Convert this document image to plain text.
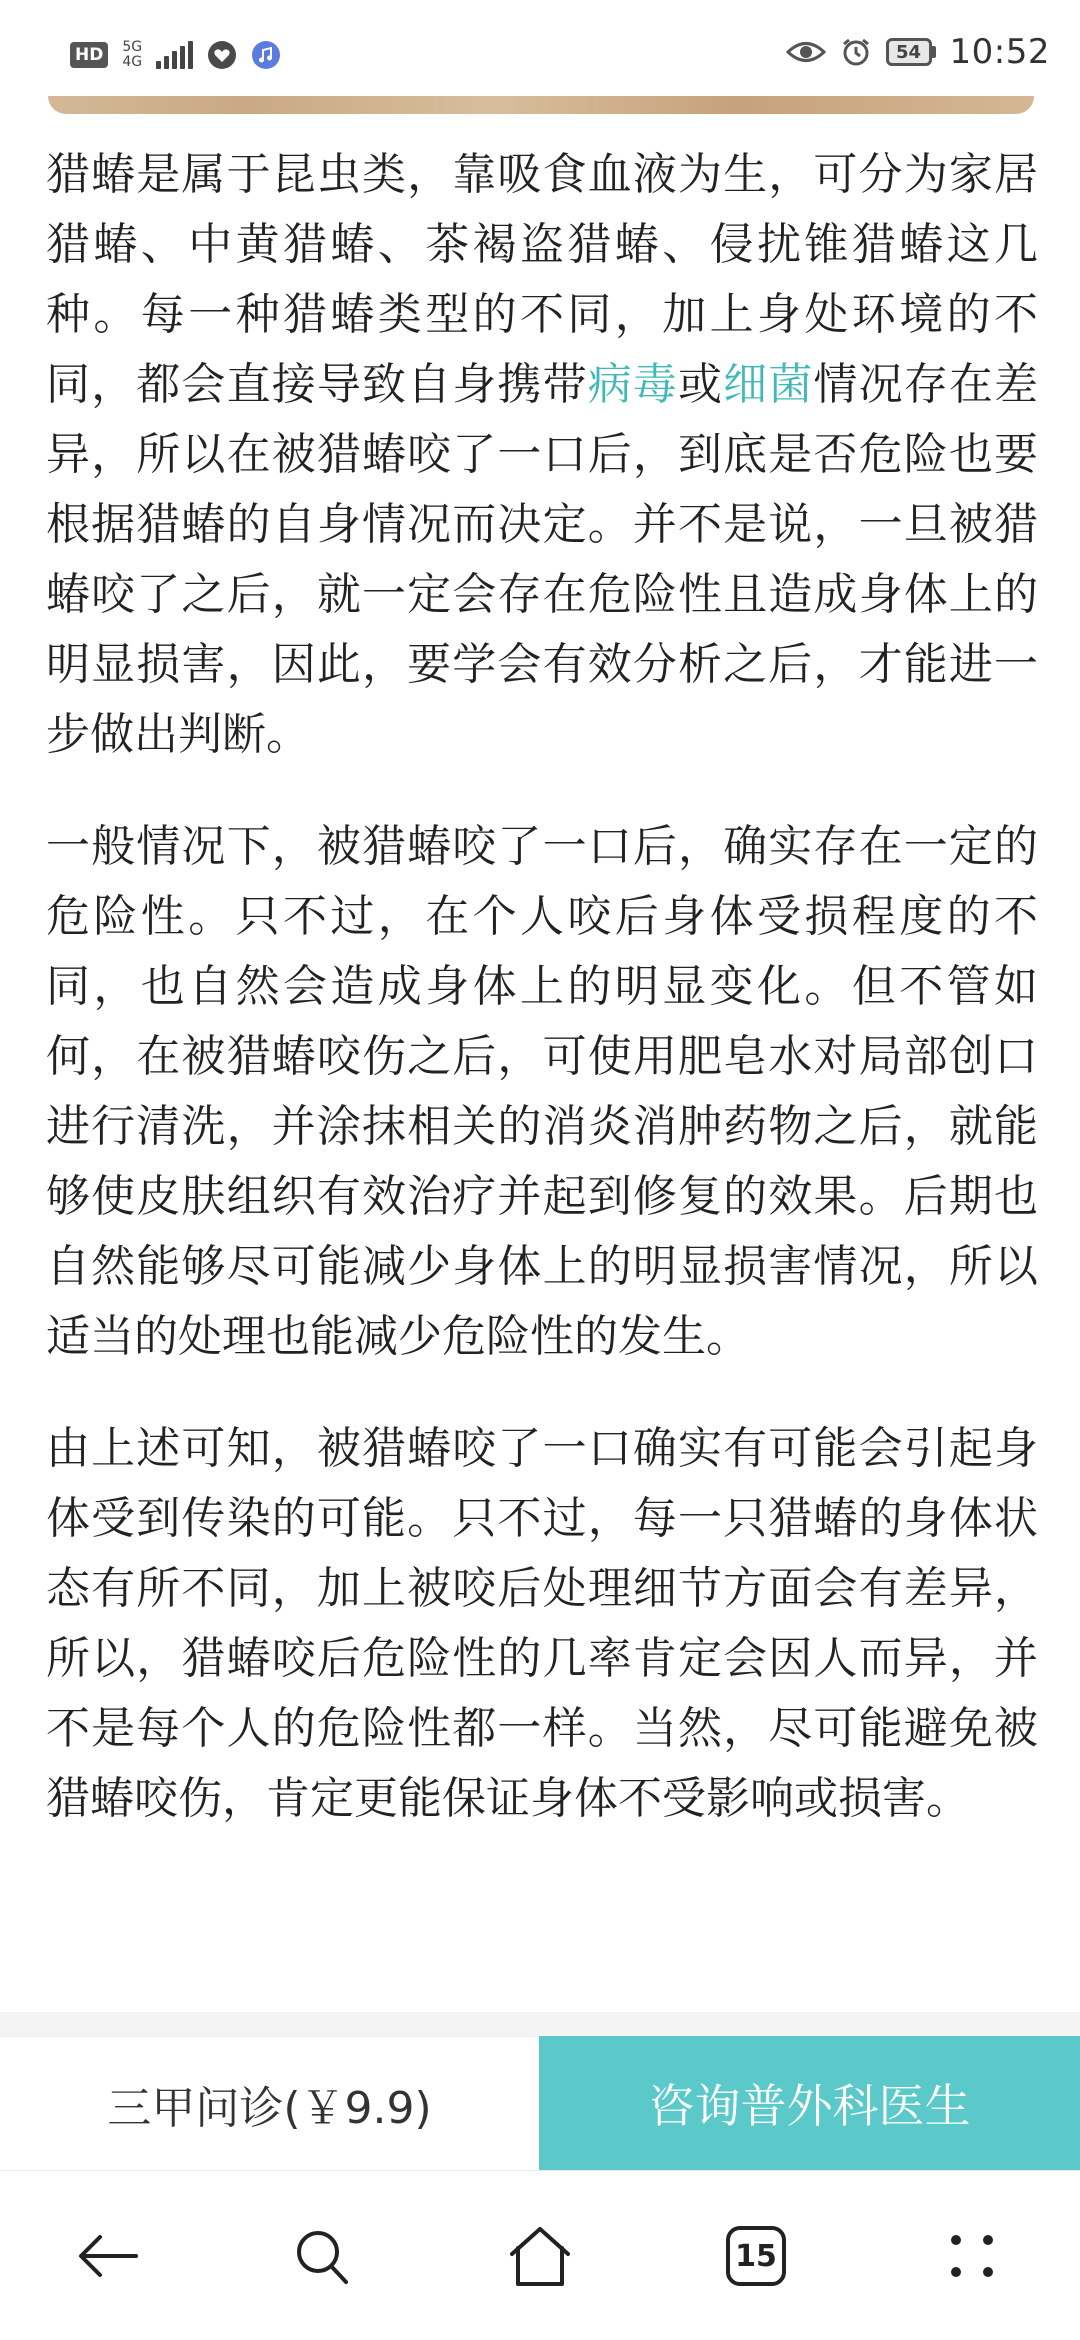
HD	5G
4G	54 10:52

猎蝽是属于昆虫类，靠吸食血液为生，可分为家居猎蝽、中黄猎蝽、茶褐盗猎蝽、侵扰锥猎蝽这几种。每一种猎蝽类型的不同，加上身处环境的不同，都会直接导致自身携带病毒或细菌情况存在差异，所以在被猎蝽咬了一口后，到底是否危险也要根据猎蝽的自身情况而决定。并不是说，一旦被猎蝽咬了之后，就一定会存在危险性且造成身体上的明显损害，因此，要学会有效分析之后，才能进一步做出判断。

一般情况下，被猎蝽咬了一口后，确实存在一定的危险性。只不过，在个人咬后身体受损程度的不同，也自然会造成身体上的明显变化。但不管如何，在被猎蝽咬伤之后，可使用肥皂水对局部创口进行清洗，并涂抹相关的消炎消肿药物之后，就能够使皮肤组织有效治疗并起到修复的效果。后期也自然能够尽可能减少身体上的明显损害情况，所以适当的处理也能减少危险性的发生。

由上述可知，被猎蝽咬了一口确实有可能会引起身体受到传染的可能。只不过，每一只猎蝽的身体状态有所不同，加上被咬后处理细节方面会有差异，所以，猎蝽咬后危险性的几率肯定会因人而异，并不是每个人的危险性都一样。当然，尽可能避免被猎蝽咬伤，肯定更能保证身体不受影响或损害。

三甲问诊(￥9.9)	咨询普外科医生
15
